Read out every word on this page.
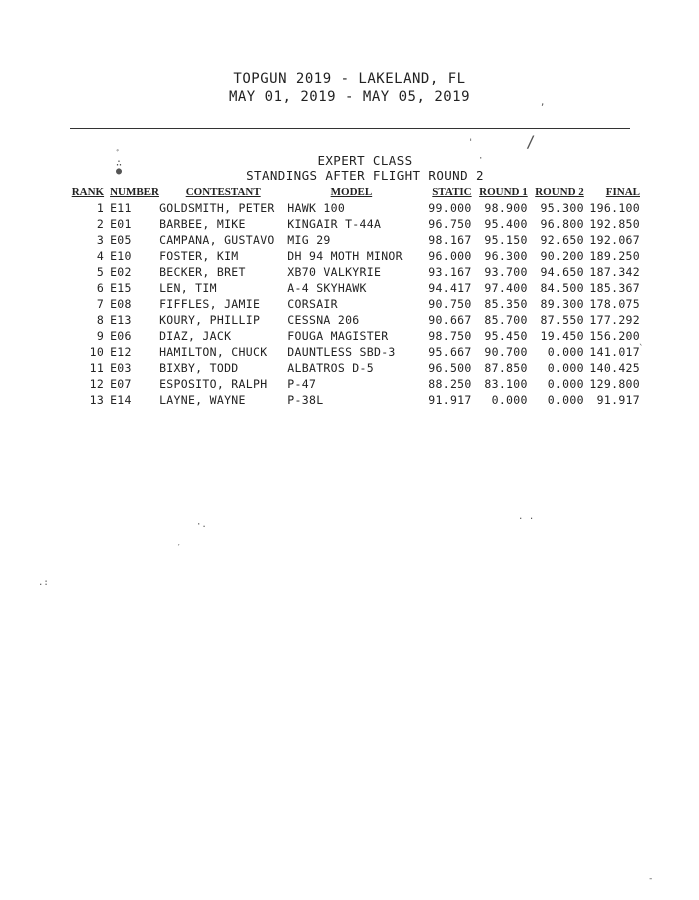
TOPGUN 2019 - LAKELAND, FL
MAY 01, 2019 - MAY 05, 2019	,
'	/
·
ﾞ
∴
●
ˎ
·.
ˊ
.:
. .
-
EXPERT CLASS
STANDINGS AFTER FLIGHT ROUND 2
RANK	NUMBER	CONTESTANT	MODEL	STATIC	ROUND 1	ROUND 2	FINAL
1	E11	GOLDSMITH, PETER	HAWK 100	99.000	98.900	95.300	196.100
2	E01	BARBEE, MIKE	KINGAIR T-44A	96.750	95.400	96.800	192.850
3	E05	CAMPANA, GUSTAVO	MIG 29	98.167	95.150	92.650	192.067
4	E10	FOSTER, KIM	DH 94 MOTH MINOR	96.000	96.300	90.200	189.250
5	E02	BECKER, BRET	XB70 VALKYRIE	93.167	93.700	94.650	187.342
6	E15	LEN, TIM	A-4 SKYHAWK	94.417	97.400	84.500	185.367
7	E08	FIFFLES, JAMIE	CORSAIR	90.750	85.350	89.300	178.075
8	E13	KOURY, PHILLIP	CESSNA 206	90.667	85.700	87.550	177.292
9	E06	DIAZ, JACK	FOUGA MAGISTER	98.750	95.450	19.450	156.200
10	E12	HAMILTON, CHUCK	DAUNTLESS SBD-3	95.667	90.700	0.000	141.017
11	E03	BIXBY, TODD	ALBATROS D-5	96.500	87.850	0.000	140.425
12	E07	ESPOSITO, RALPH	P-47	88.250	83.100	0.000	129.800
13	E14	LAYNE, WAYNE	P-38L	91.917	0.000	0.000	91.917
